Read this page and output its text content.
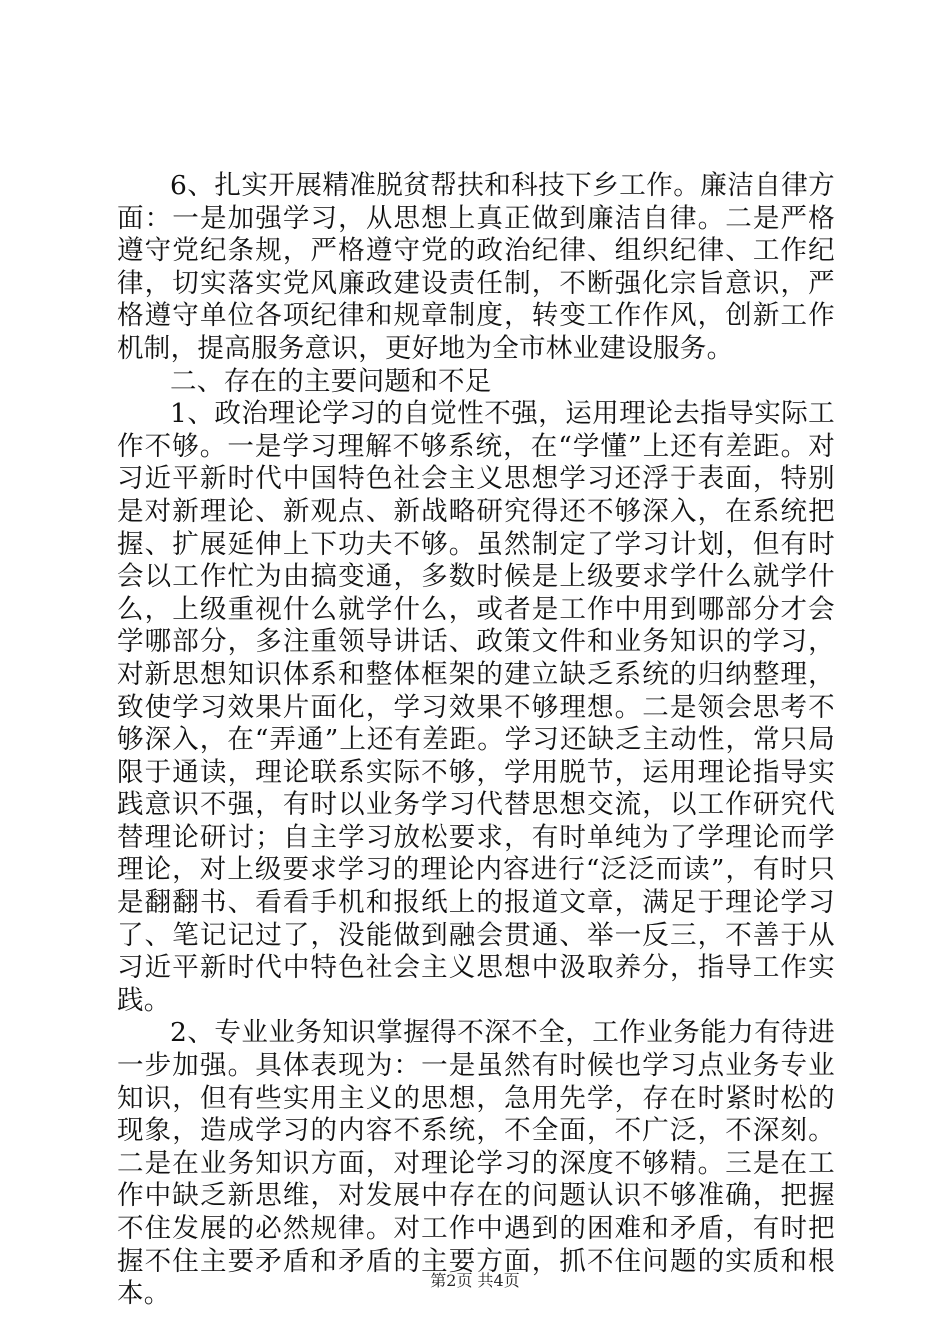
6、扎实开展精准脱贫帮扶和科技下乡工作。廉洁自律方面：一是加强学习，从思想上真正做到廉洁自律。二是严格遵守党纪条规，严格遵守党的政治纪律、组织纪律、工作纪律，切实落实党风廉政建设责任制，不断强化宗旨意识，严格遵守单位各项纪律和规章制度，转变工作作风，创新工作机制，提高服务意识，更好地为全市林业建设服务。

二、存在的主要问题和不足

1、政治理论学习的自觉性不强，运用理论去指导实际工作不够。一是学习理解不够系统，在“学懂”上还有差距。对习近平新时代中国特色社会主义思想学习还浮于表面，特别是对新理论、新观点、新战略研究得还不够深入，在系统把握、扩展延伸上下功夫不够。虽然制定了学习计划，但有时会以工作忙为由搞变通，多数时候是上级要求学什么就学什么，上级重视什么就学什么，或者是工作中用到哪部分才会学哪部分，多注重领导讲话、政策文件和业务知识的学习，对新思想知识体系和整体框架的建立缺乏系统的归纳整理，致使学习效果片面化，学习效果不够理想。二是领会思考不够深入，在“弄通”上还有差距。学习还缺乏主动性，常只局限于通读，理论联系实际不够，学用脱节，运用理论指导实践意识不强，有时以业务学习代替思想交流，以工作研究代替理论研讨；自主学习放松要求，有时单纯为了学理论而学理论，对上级要求学习的理论内容进行“泛泛而读”，有时只是翻翻书、看看手机和报纸上的报道文章，满足于理论学习了、笔记记过了，没能做到融会贯通、举一反三，不善于从习近平新时代中特色社会主义思想中汲取养分，指导工作实践。

2、专业业务知识掌握得不深不全，工作业务能力有待进一步加强。具体表现为：一是虽然有时候也学习点业务专业知识，但有些实用主义的思想，急用先学，存在时紧时松的现象，造成学习的内容不系统，不全面，不广泛，不深刻。二是在业务知识方面，对理论学习的深度不够精。三是在工作中缺乏新思维，对发展中存在的问题认识不够准确，把握不住发展的必然规律。对工作中遇到的困难和矛盾，有时把握不住主要矛盾和矛盾的主要方面，抓不住问题的实质和根本。	第2页 共4页
